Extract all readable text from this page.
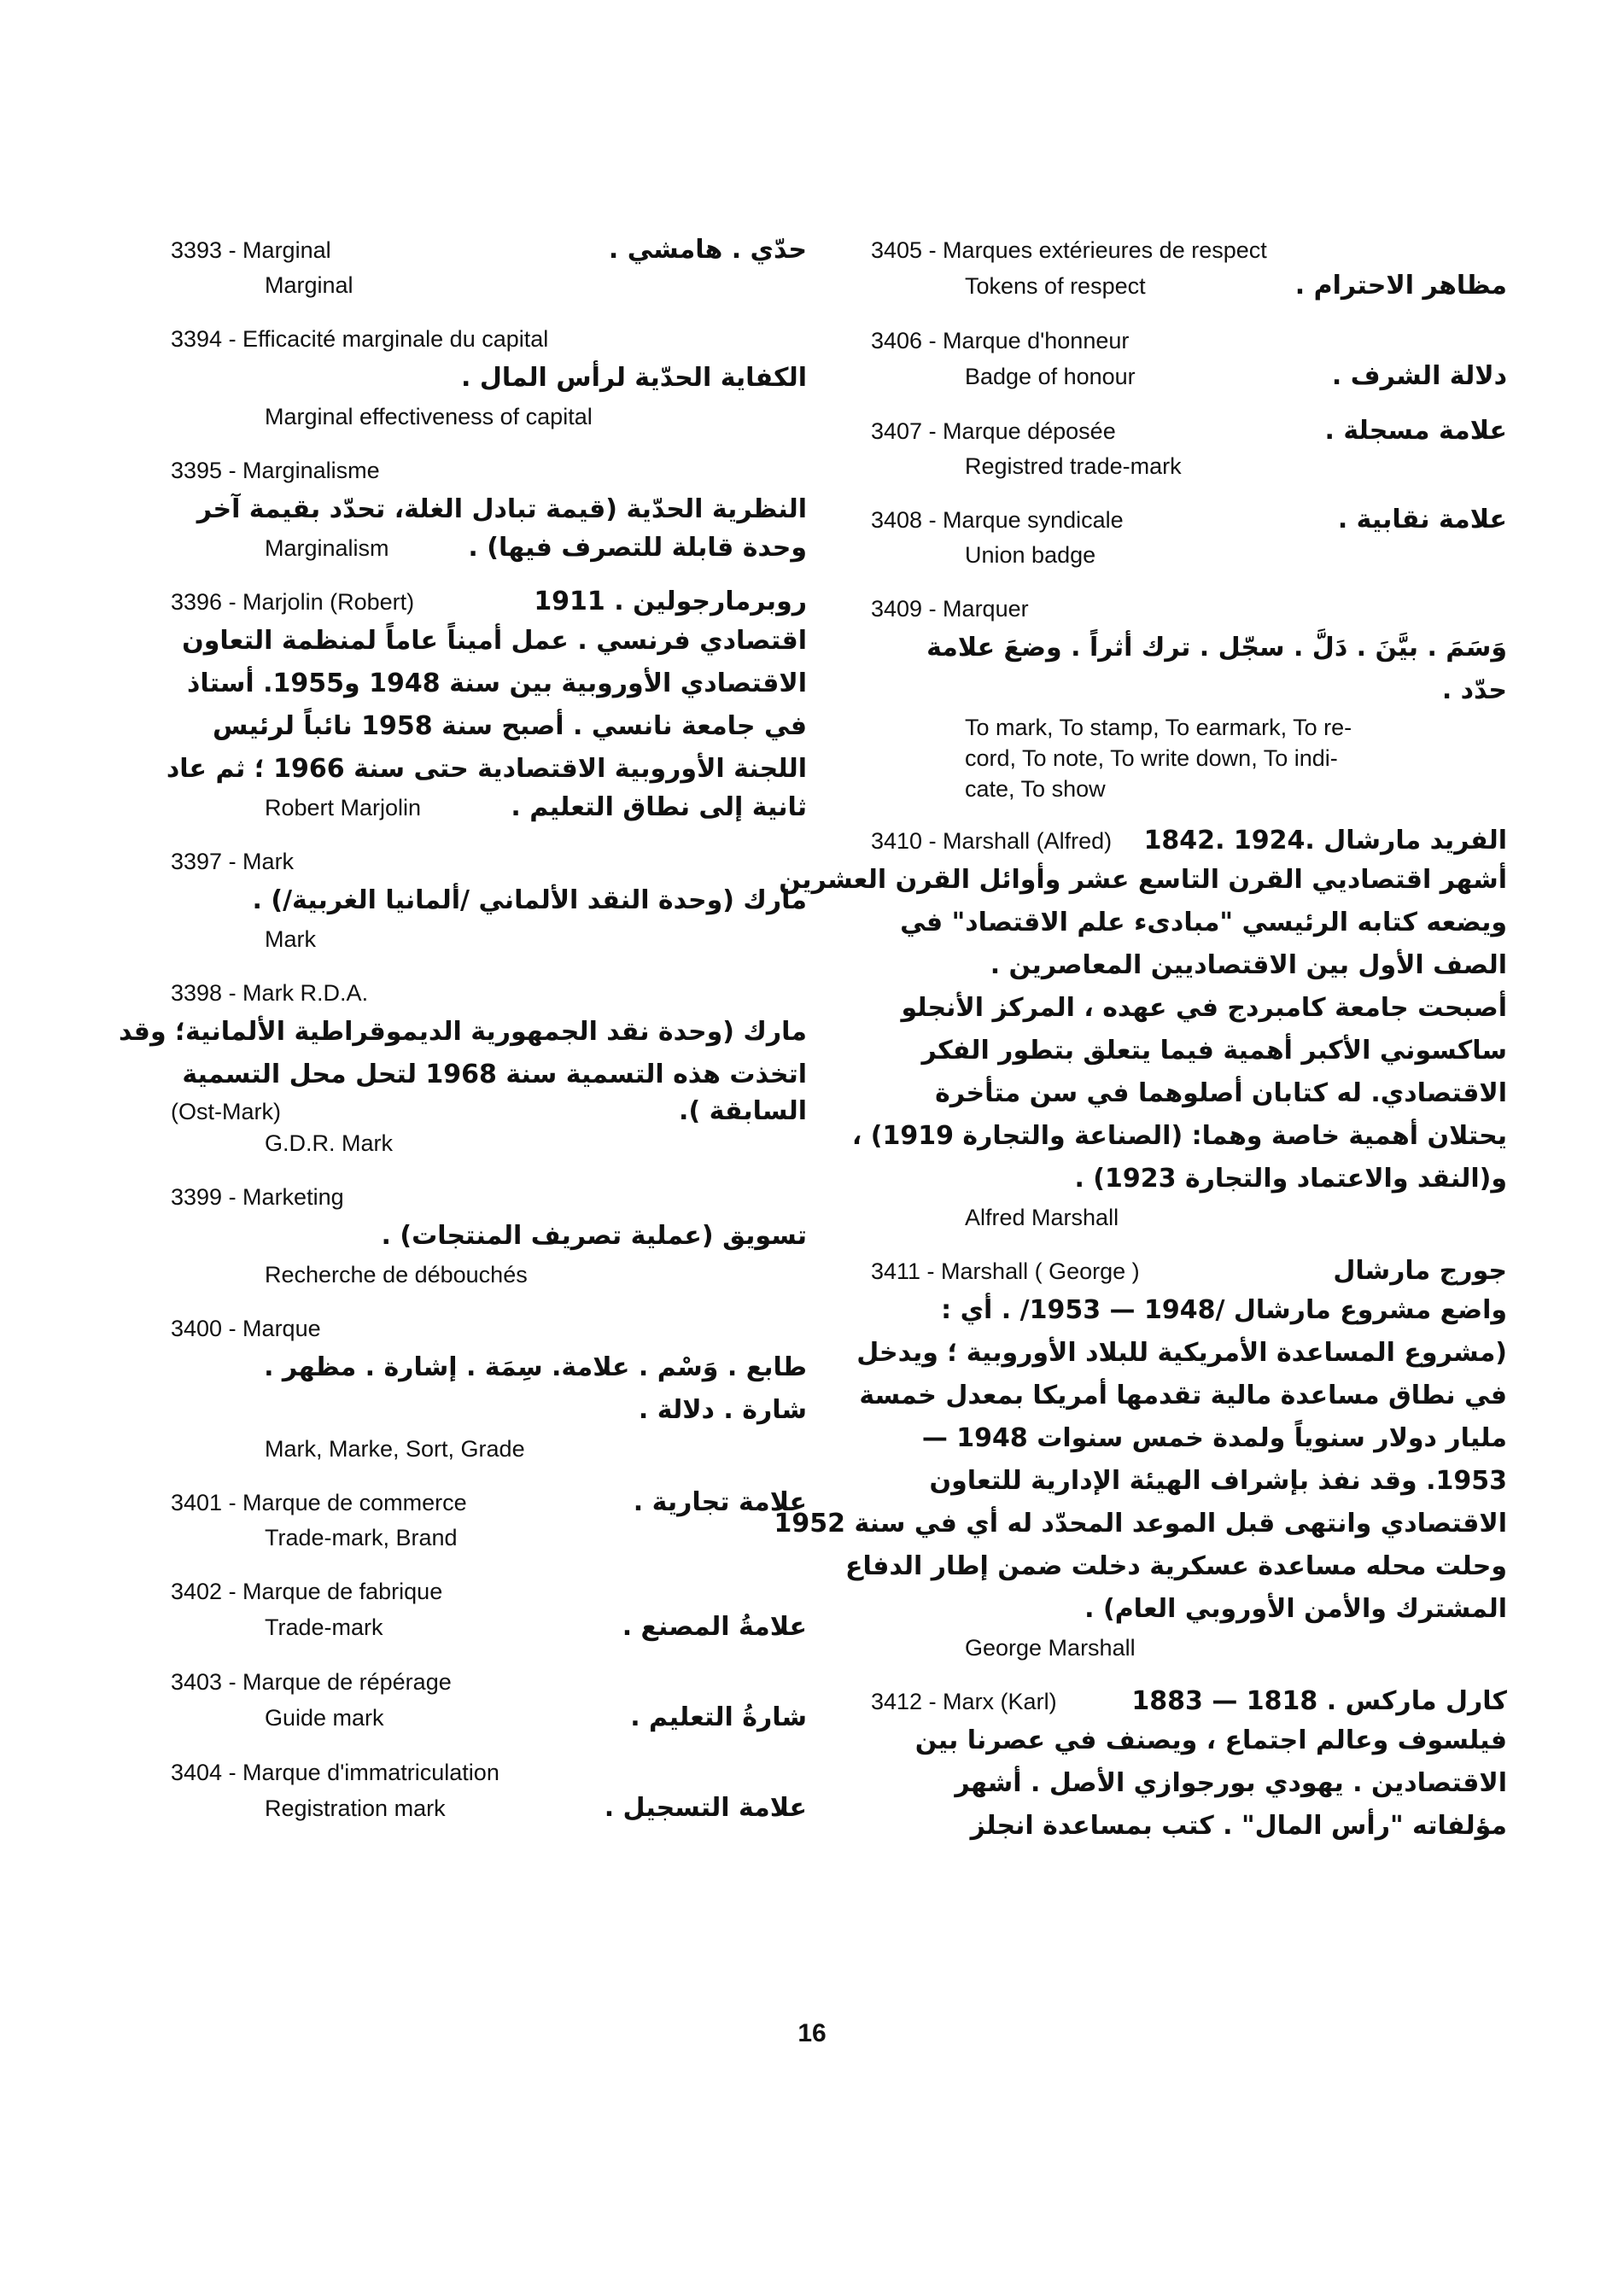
3393 - Marginal	حدّي . هامشي .
Marginal
3394 - Efficacité marginale du capital
الكفاية الحدّية لرأس المال .
Marginal effectiveness of capital
3395 - Marginalisme
النظرية الحدّية (قيمة تبادل الغلة، تحدّد بقيمة آخر
Marginalism	وحدة قابلة للتصرف فيها) .
3396 - Marjolin (Robert)	روبرمارجولين . 1911
اقتصادي فرنسي . عمل أميناً عاماً لمنظمة التعاون
الاقتصادي الأوروبية بين سنة 1948 و1955. أستاذ
في جامعة نانسي . أصبح سنة 1958 نائباً لرئيس
اللجنة الأوروبية الاقتصادية حتى سنة 1966 ؛ ثم عاد
Robert Marjolin	ثانية إلى نطاق التعليم .
3397 - Mark
مارك (وحدة النقد الألماني /ألمانيا الغربية/) .
Mark
3398 - Mark R.D.A.
مارك (وحدة نقد الجمهورية الديموقراطية الألمانية؛ وقد
اتخذت هذه التسمية سنة 1968 لتحل محل التسمية
(Ost-Mark)	السابقة ).
G.D.R. Mark
3399 - Marketing
تسويق (عملية تصريف المنتجات) .
Recherche de débouchés
3400 - Marque
طابع . وَسْم . علامة. سِمَة . إشارة . مظهر .
شارة . دلالة .
Mark, Marke, Sort, Grade
3401 - Marque de commerce	علامة تجارية .
Trade-mark, Brand
3402 - Marque de fabrique
Trade-mark	علامةُ المصنع .
3403 - Marque de répérage
Guide mark	شارةُ التعليم .
3404 - Marque d'immatriculation
Registration mark	علامة التسجيل .
3405 - Marques extérieures de respect
Tokens of respect	مظاهر الاحترام .
3406 - Marque d'honneur
Badge of honour	دلالة الشرف .
3407 - Marque déposée	علامة مسجلة .
Registred trade-mark
3408 - Marque syndicale	علامة نقابية .
Union badge
3409 - Marquer
وَسَمَ . بيَّنَ . دَلَّ . سجّل . ترك أثراً . وضعَ علامة
حدّد .
To mark, To stamp, To earmark, To re-
cord, To note, To write down, To indi-
cate, To show
3410 - Marshall (Alfred) الفريد مارشال .1924 .1842
أشهر اقتصاديي القرن التاسع عشر وأوائل القرن العشرين
ويضعه كتابه الرئيسي "مبادىء علم الاقتصاد" في
الصف الأول بين الاقتصاديين المعاصرين .
أصبحت جامعة كامبردج في عهده ، المركز الأنجلو
ساكسوني الأكبر أهمية فيما يتعلق بتطور الفكر
الاقتصادي. له كتابان أصلوهما في سن متأخرة
يحتلان أهمية خاصة وهما: (الصناعة والتجارة 1919) ،
و(النقد والاعتماد والتجارة 1923) .
Alfred Marshall
3411 - Marshall ( George )	جورج مارشال
واضع مشروع مارشال /1948 — 1953/ . أي :
(مشروع المساعدة الأمريكية للبلاد الأوروبية ؛ ويدخل
في نطاق مساعدة مالية تقدمها أمريكا بمعدل خمسة
مليار دولار سنوياً ولمدة خمس سنوات 1948 —
1953. وقد نفذ بإشراف الهيئة الإدارية للتعاون
الاقتصادي وانتهى قبل الموعد المحدّد له أي في سنة 1952
وحلت محله مساعدة عسكرية دخلت ضمن إطار الدفاع
المشترك والأمن الأوروبي العام) .
George Marshall
3412 - Marx (Karl)	كارل ماركس . 1818 — 1883
فيلسوف وعالم اجتماع ، ويصنف في عصرنا بين
الاقتصادين . يهودي بورجوازي الأصل . أشهر
مؤلفاته "رأس المال" . كتب بمساعدة انجلز
16
